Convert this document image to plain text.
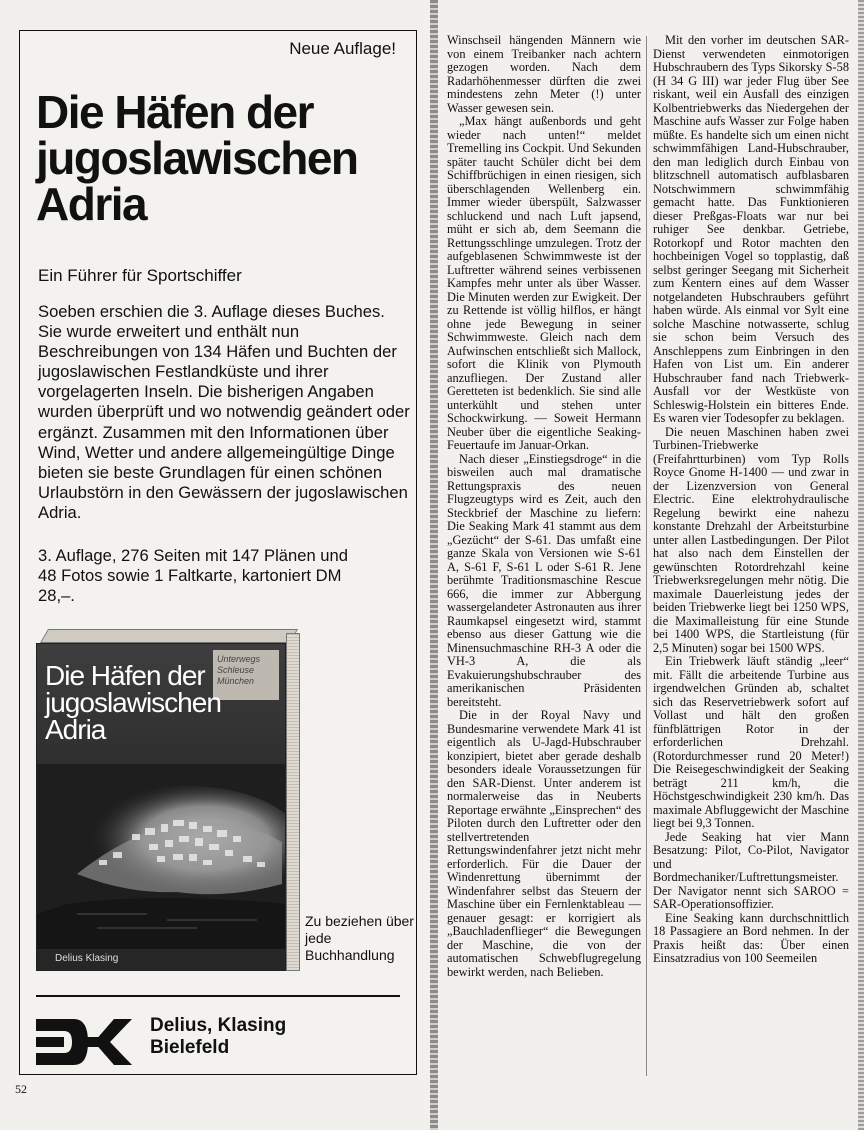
Neue Auflage!
Die Häfen der jugoslawischen Adria
Ein Führer für Sportschiffer
Soeben erschien die 3. Auflage dieses Buches. Sie wurde erweitert und enthält nun Beschreibungen von 134 Häfen und Buchten der jugoslawischen Festlandküste und ihrer vorgelagerten Inseln. Die bisherigen Angaben wurden überprüft und wo notwendig geändert oder ergänzt. Zusammen mit den Informationen über Wind, Wetter und andere allgemeingültige Dinge bieten sie beste Grundlagen für einen schönen Urlaubstörn in den Gewässern der jugoslawischen Adria.
3. Auflage, 276 Seiten mit 147 Plänen und 48 Fotos sowie 1 Faltkarte, kartoniert DM 28,–.
Unterwegs Schleuse München
Die Häfen der jugoslawischen Adria
Delius Klasing
Zu beziehen über jede Buchhandlung
Delius, Klasing
Bielefeld
52

Winschseil hängenden Männern wie von einem Treibanker nach achtern gezogen worden. Nach dem Radarhöhenmesser dürften die zwei mindestens zehn Meter (!) unter Wasser gewesen sein.

„Max hängt außenbords und geht wieder nach unten!“ meldet Tremelling ins Cockpit. Und Sekunden später taucht Schüler dicht bei dem Schiffbrüchigen in einen riesigen, sich überschlagenden Wellenberg ein. Immer wieder überspült, Salzwasser schluckend und nach Luft japsend, müht er sich ab, dem Seemann die Rettungsschlinge umzulegen. Trotz der aufgeblasenen Schwimmweste ist der Luftretter während seines verbissenen Kampfes mehr unter als über Wasser. Die Minuten werden zur Ewigkeit. Der zu Rettende ist völlig hilflos, er hängt ohne jede Bewegung in seiner Schwimmweste. Gleich nach dem Aufwinschen entschließt sich Mallock, sofort die Klinik von Plymouth anzufliegen. Der Zustand aller Geretteten ist bedenklich. Sie sind alle unterkühlt und stehen unter Schockwirkung. — Soweit Hermann Neuber über die eigentliche Seaking-Feuertaufe im Januar-Orkan.

Nach dieser „Einstiegsdroge“ in die bisweilen auch mal dramatische Rettungspraxis des neuen Flugzeugtyps wird es Zeit, auch den Steckbrief der Maschine zu liefern: Die Seaking Mark 41 stammt aus dem „Gezücht“ der S-61. Das umfaßt eine ganze Skala von Versionen wie S-61 A, S-61 F, S-61 L oder S-61 R. Jene berühmte Traditionsmaschine Rescue 666, die immer zur Abbergung wassergelandeter Astronauten aus ihrer Raumkapsel eingesetzt wird, stammt ebenso aus dieser Gattung wie die Minensuchmaschine RH-3 A oder die VH-3 A, die als Evakuierungshubschrauber des amerikanischen Präsidenten bereitsteht.

Die in der Royal Navy und Bundesmarine verwendete Mark 41 ist eigentlich als U-Jagd-Hubschrauber konzipiert, bietet aber gerade deshalb besonders ideale Voraussetzungen für den SAR-Dienst. Unter anderem ist normalerweise das in Neuberts Reportage erwähnte „Einsprechen“ des Piloten durch den Luftretter oder den stellvertretenden Rettungswindenfahrer jetzt nicht mehr erforderlich. Für die Dauer der Windenrettung übernimmt der Windenfahrer selbst das Steuern der Maschine über ein Fernlenktableau — genauer gesagt: er korrigiert als „Bauchladenflieger“ die Bewegungen der Maschine, die von der automatischen Schwebflugregelung bewirkt werden, nach Belieben.

Mit den vorher im deutschen SAR-Dienst verwendeten einmotorigen Hubschraubern des Typs Sikorsky S-58 (H 34 G III) war jeder Flug über See riskant, weil ein Ausfall des einzigen Kolbentriebwerks das Niedergehen der Maschine aufs Wasser zur Folge haben müßte. Es handelte sich um einen nicht schwimmfähigen Land-Hubschrauber, den man lediglich durch Einbau von blitzschnell automatisch aufblasbaren Notschwimmern schwimmfähig gemacht hatte. Das Funktionieren dieser Preßgas-Floats war nur bei ruhiger See denkbar. Getriebe, Rotorkopf und Rotor machten den hochbeinigen Vogel so topplastig, daß selbst geringer Seegang mit Sicherheit zum Kentern eines auf dem Wasser notgelandeten Hubschraubers geführt haben würde. Als einmal vor Sylt eine solche Maschine notwasserte, schlug sie schon beim Versuch des Anschleppens zum Einbringen in den Hafen von List um. Ein anderer Hubschrauber fand nach Triebwerk-Ausfall vor der Westküste von Schleswig-Holstein ein bitteres Ende. Es waren vier Todesopfer zu beklagen.

Die neuen Maschinen haben zwei Turbinen-Triebwerke (Freifahrtturbinen) vom Typ Rolls Royce Gnome H-1400 — und zwar in der Lizenzversion von General Electric. Eine elektrohydraulische Regelung bewirkt eine nahezu konstante Drehzahl der Arbeitsturbine unter allen Lastbedingungen. Der Pilot hat also nach dem Einstellen der gewünschten Rotordrehzahl keine Triebwerksregelungen mehr nötig. Die maximale Dauerleistung jedes der beiden Triebwerke liegt bei 1250 WPS, die Maximalleistung für eine Stunde bei 1400 WPS, die Startleistung (für 2,5 Minuten) sogar bei 1500 WPS.

Ein Triebwerk läuft ständig „leer“ mit. Fällt die arbeitende Turbine aus irgendwelchen Gründen ab, schaltet sich das Reservetriebwerk sofort auf Vollast und hält den großen fünfblättrigen Rotor in der erforderlichen Drehzahl. (Rotordurchmesser rund 20 Meter!) Die Reisegeschwindigkeit der Seaking beträgt 211 km/h, die Höchstgeschwindigkeit 230 km/h. Das maximale Abfluggewicht der Maschine liegt bei 9,3 Tonnen.

Jede Seaking hat vier Mann Besatzung: Pilot, Co-Pilot, Navigator und Bordmechaniker/Luftrettungsmeister. Der Navigator nennt sich SAROO = SAR-Operationsoffizier.

Eine Seaking kann durchschnittlich 18 Passagiere an Bord nehmen. In der Praxis heißt das: Über einen Einsatzradius von 100 Seemeilen
